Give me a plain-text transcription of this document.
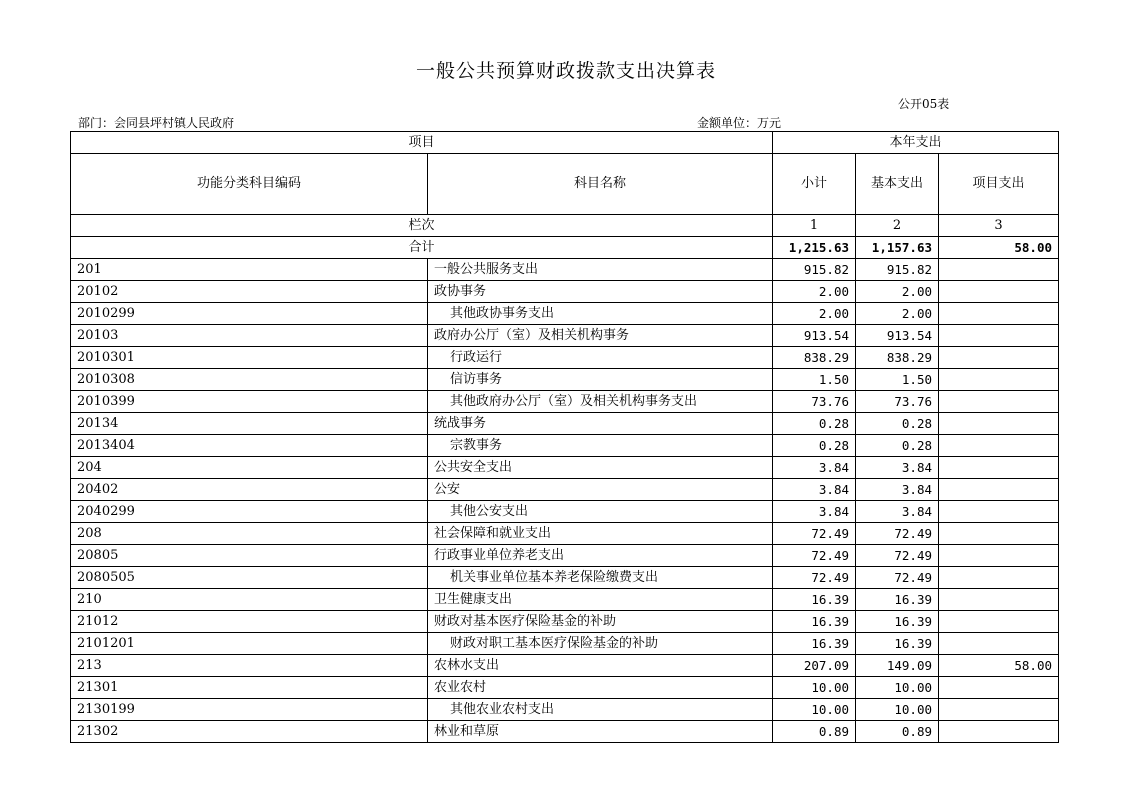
一般公共预算财政拨款支出决算表
公开05表
部门：会同县坪村镇人民政府	金额单位：万元
项目		本年支出		
功能分类科目编码	科目名称	小计	基本支出	项目支出
栏次		1	2	3
合计		1,215.63	1,157.63	58.00
201	一般公共服务支出	915.82	915.82	
20102	政协事务	2.00	2.00	
2010299	其他政协事务支出	2.00	2.00	
20103	政府办公厅（室）及相关机构事务	913.54	913.54	
2010301	行政运行	838.29	838.29	
2010308	信访事务	1.50	1.50	
2010399	其他政府办公厅（室）及相关机构事务支出	73.76	73.76	
20134	统战事务	0.28	0.28	
2013404	宗教事务	0.28	0.28	
204	公共安全支出	3.84	3.84	
20402	公安	3.84	3.84	
2040299	其他公安支出	3.84	3.84	
208	社会保障和就业支出	72.49	72.49	
20805	行政事业单位养老支出	72.49	72.49	
2080505	机关事业单位基本养老保险缴费支出	72.49	72.49	
210	卫生健康支出	16.39	16.39	
21012	财政对基本医疗保险基金的补助	16.39	16.39	
2101201	财政对职工基本医疗保险基金的补助	16.39	16.39	
213	农林水支出	207.09	149.09	58.00
21301	农业农村	10.00	10.00	
2130199	其他农业农村支出	10.00	10.00	
21302	林业和草原	0.89	0.89	
